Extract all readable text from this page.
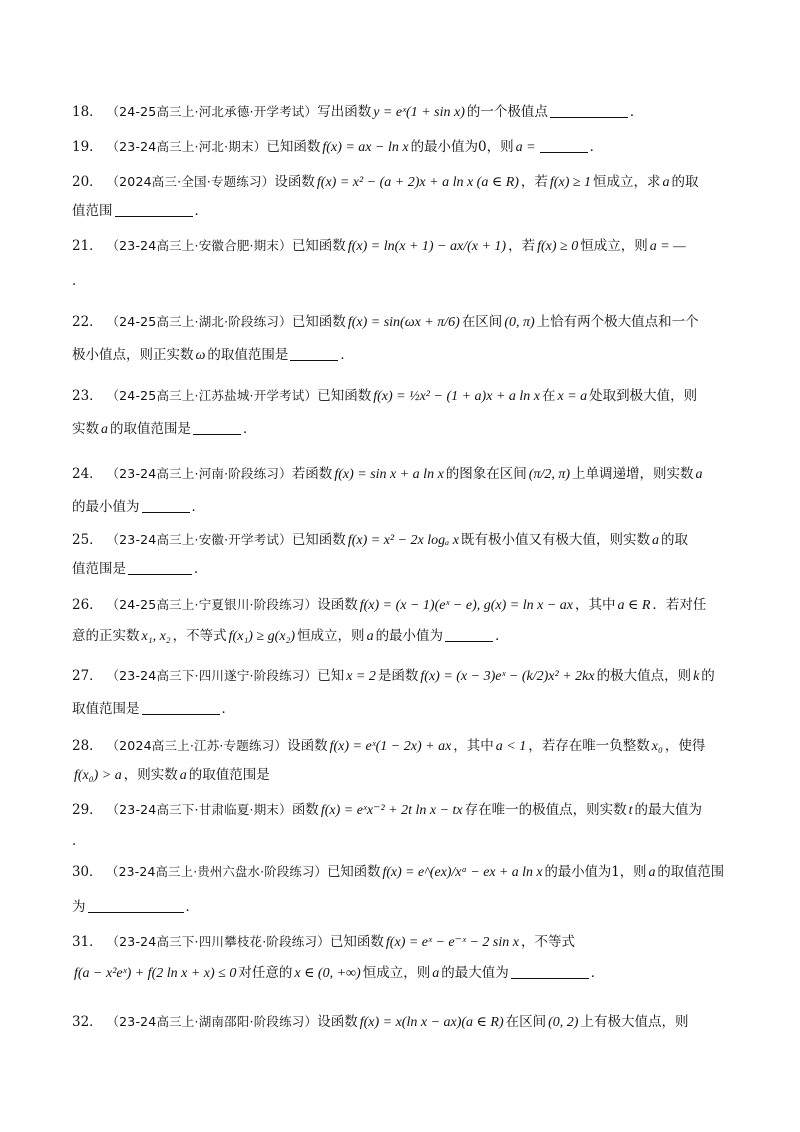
18． （24-25高三上·河北承德·开学考试）写出函数 y = eˣ(1 + sin x) 的一个极值点	．
19． （23-24高三上·河北·期末）已知函数 f(x) = ax − ln x 的最小值为0，则 a =	．
20． （2024高三·全国·专题练习）设函数 f(x) = x² − (a + 2)x + a ln x (a ∈ R) ，若 f(x) ≥ 1 恒成立，求 a 的取
值范围	．
21． （23-24高三上·安徽合肥·期末）已知函数 f(x) = ln(x + 1) − ax/(x + 1) ，若 f(x) ≥ 0 恒成立，则 a = —
．
22． （24-25高三上·湖北·阶段练习）已知函数 f(x) = sin(ωx + π/6) 在区间 (0, π) 上恰有两个极大值点和一个
极小值点，则正实数 ω 的取值范围是	．
23． （24-25高三上·江苏盐城·开学考试）已知函数 f(x) = ½x² − (1 + a)x + a ln x 在 x = a 处取到极大值，则
实数 a 的取值范围是	．
24． （23-24高三上·河南·阶段练习）若函数 f(x) = sin x + a ln x 的图象在区间 (π/2, π) 上单调递增，则实数 a
的最小值为	．
25． （23-24高三上·安徽·开学考试）已知函数 f(x) = x² − 2x logₐ x 既有极小值又有极大值，则实数 a 的取
值范围是	．
26． （24-25高三上·宁夏银川·阶段练习）设函数 f(x) = (x − 1)(eˣ − e), g(x) = ln x − ax ，其中 a ∈ R ．若对任
意的正实数 x₁, x₂ ，不等式 f(x₁) ≥ g(x₂) 恒成立，则 a 的最小值为	．
27． （23-24高三下·四川遂宁·阶段练习）已知 x = 2 是函数 f(x) = (x − 3)eˣ − (k/2)x² + 2kx 的极大值点，则 k 的
取值范围是	．
28． （2024高三上·江苏·专题练习）设函数 f(x) = eˣ(1 − 2x) + ax ，其中 a < 1 ，若存在唯一负整数 x₀ ，使得
f(x₀) > a ，则实数 a 的取值范围是
29． （23-24高三下·甘肃临夏·期末）函数 f(x) = eˣx⁻² + 2t ln x − tx 存在唯一的极值点，则实数 t 的最大值为
．
30． （23-24高三上·贵州六盘水·阶段练习）已知函数 f(x) = e^(ex)/xᵃ − ex + a ln x 的最小值为1，则 a 的取值范围
为	．
31． （23-24高三下·四川攀枝花·阶段练习）已知函数 f(x) = eˣ − e⁻ˣ − 2 sin x ，不等式
f(a − x²eˣ) + f(2 ln x + x) ≤ 0 对任意的 x ∈ (0, +∞) 恒成立，则 a 的最大值为	．
32． （23-24高三上·湖南邵阳·阶段练习）设函数 f(x) = x(ln x − ax)(a ∈ R) 在区间 (0, 2) 上有极大值点，则
